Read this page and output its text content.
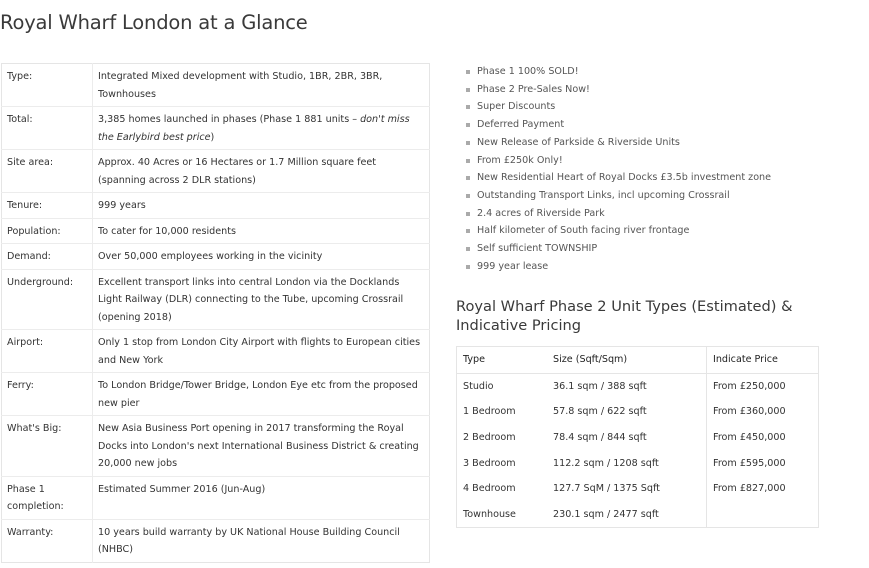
Royal Wharf London at a Glance
Type:	Integrated Mixed development with Studio, 1BR, 2BR, 3BR, Townhouses
Total:	3,385 homes launched in phases (Phase 1 881 units – don't miss the Earlybird best price)
Site area:	Approx. 40 Acres or 16 Hectares or 1.7 Million square feet (spanning across 2 DLR stations)
Tenure:	999 years
Population:	To cater for 10,000 residents
Demand:	Over 50,000 employees working in the vicinity
Underground:	Excellent transport links into central London via the Docklands Light Railway (DLR) connecting to the Tube, upcoming Crossrail (opening 2018)
Airport:	Only 1 stop from London City Airport with flights to European cities and New York
Ferry:	To London Bridge/Tower Bridge, London Eye etc from the proposed new pier
What's Big:	New Asia Business Port opening in 2017 transforming the Royal Docks into London's next International Business District & creating 20,000 new jobs
Phase 1 completion:	Estimated Summer 2016 (Jun-Aug)
Warranty:	10 years build warranty by UK National House Building Council (NHBC)
Phase 1 100% SOLD!
Phase 2 Pre-Sales Now!
Super Discounts
Deferred Payment
New Release of Parkside & Riverside Units
From £250k Only!
New Residential Heart of Royal Docks £3.5b investment zone
Outstanding Transport Links, incl upcoming Crossrail
2.4 acres of Riverside Park
Half kilometer of South facing river frontage
Self sufficient TOWNSHIP
999 year lease
Royal Wharf Phase 2 Unit Types (Estimated) & Indicative Pricing
Type	Size (Sqft/Sqm)	Indicate Price
Studio	36.1 sqm / 388 sqft	From £250,000
1 Bedroom	57.8 sqm / 622 sqft	From £360,000
2 Bedroom	78.4 sqm / 844 sqft	From £450,000
3 Bedroom	112.2 sqm / 1208 sqft	From £595,000
4 Bedroom	127.7 SqM / 1375 Sqft	From £827,000
Townhouse	230.1 sqm / 2477 sqft	
